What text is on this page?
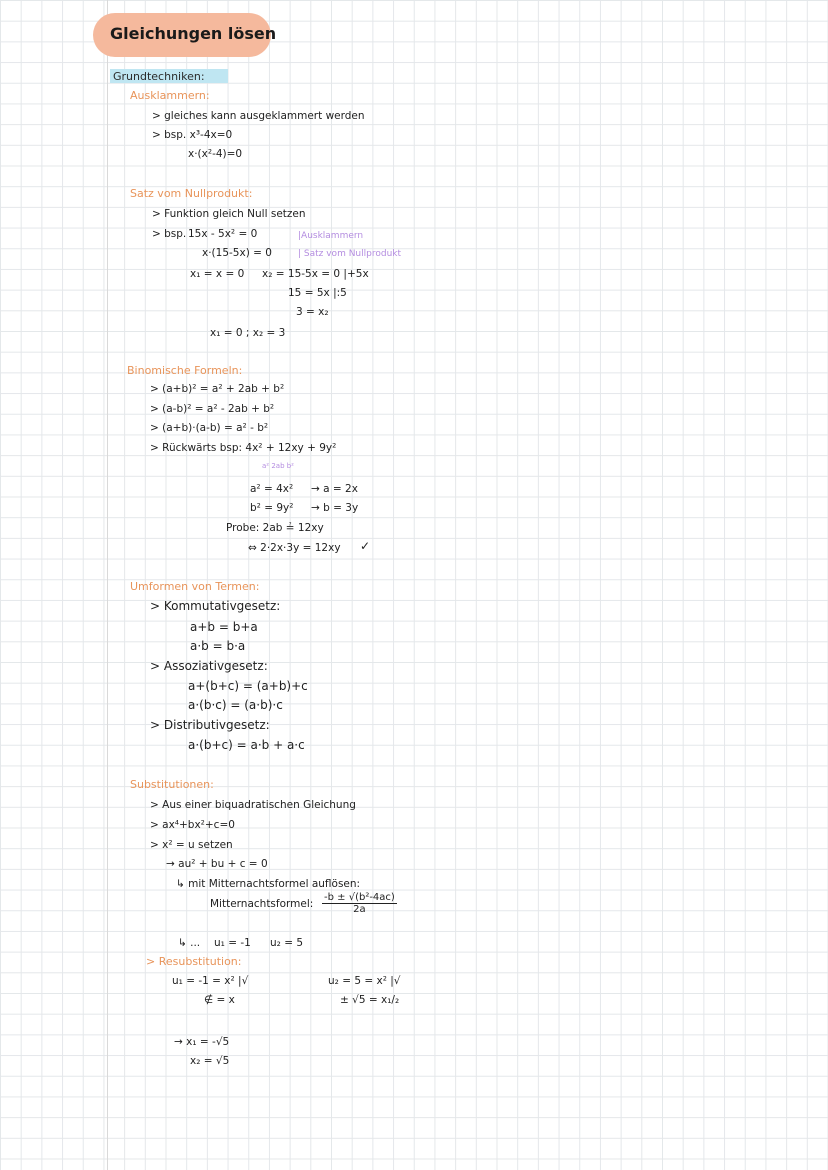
Gleichungen lösen
Grundtechniken:
Ausklammern:
> gleiches kann ausgeklammert werden
> bsp. x³-4x=0
x·(x²-4)=0
Satz vom Nullprodukt:
> Funktion gleich Null setzen
> bsp. 15x - 5x² = 0	|Ausklammern
x·(15-5x) = 0	| Satz vom Nullprodukt
x₁ = x = 0 x₂ = 15-5x = 0 |+5x
15 = 5x |:5
3 = x₂
x₁ = 0 ; x₂ = 3
Binomische Formeln:
> (a+b)² = a² + 2ab + b²
> (a-b)² = a² - 2ab + b²
> (a+b)·(a-b) = a² - b²
> Rückwärts bsp: 4x² + 12xy + 9y²
a² 2ab b²
a² = 4x² → a = 2x
b² = 9y² → b = 3y
Probe: 2ab ≟ 12xy
⇔ 2·2x·3y = 12xy ✓
Umformen von Termen:
> Kommutativgesetz:
a+b = b+a
a·b = b·a
> Assoziativgesetz:
a+(b+c) = (a+b)+c
a·(b·c) = (a·b)·c
> Distributivgesetz:
a·(b+c) = a·b + a·c
Substitutionen:
> Aus einer biquadratischen Gleichung
> ax⁴+bx²+c=0
> x² = u setzen
→ au² + bu + c = 0
↳ mit Mitternachtsformel auflösen:
Mitternachtsformel: $\frac{\text{-b ± √(b²-4ac)}}{2a}$
↳ ... u₁ = -1 u₂ = 5
> Resubstitution:
u₁ = -1 = x² |√
∉ = x
u₂ = 5 = x² |√
± √5 = x₁/₂
→ x₁ = -√5
x₂ = √5
